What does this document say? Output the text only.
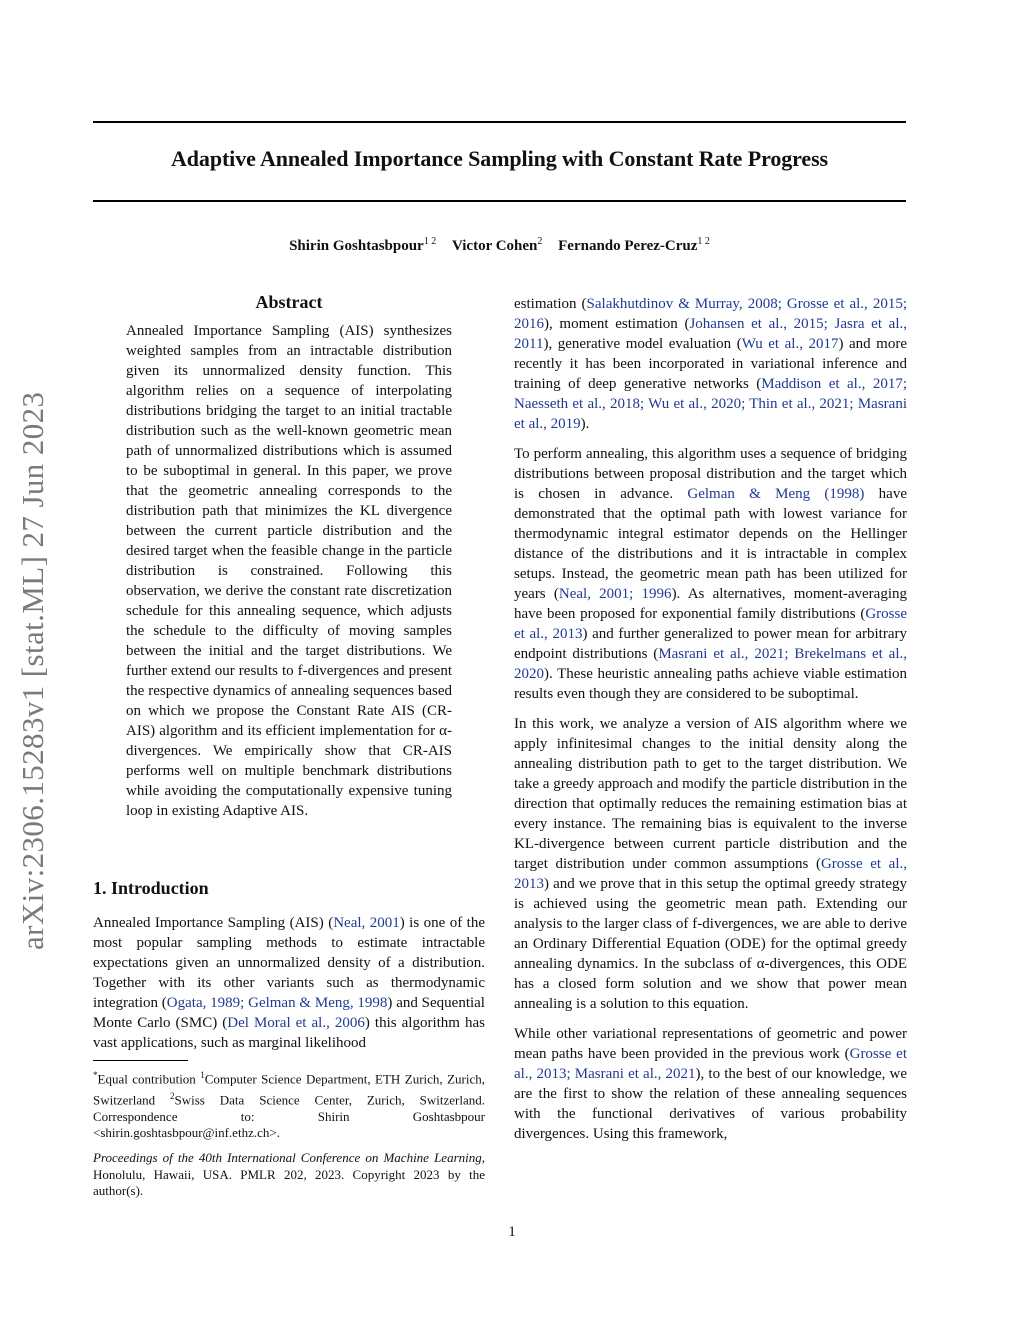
Adaptive Annealed Importance Sampling with Constant Rate Progress
Shirin Goshtasbpour$^{1 2}$ Victor Cohen$^2$ Fernando Perez-Cruz$^{1 2}$
arXiv:2306.15283v1 [stat.ML] 27 Jun 2023
Abstract
Annealed Importance Sampling (AIS) synthesizes weighted samples from an intractable distribution given its unnormalized density function. This algorithm relies on a sequence of interpolating distributions bridging the target to an initial tractable distribution such as the well-known geometric mean path of unnormalized distributions which is assumed to be suboptimal in general. In this paper, we prove that the geometric annealing corresponds to the distribution path that minimizes the KL divergence between the current particle distribution and the desired target when the feasible change in the particle distribution is constrained. Following this observation, we derive the constant rate discretization schedule for this annealing sequence, which adjusts the schedule to the difficulty of moving samples between the initial and the target distributions. We further extend our results to f-divergences and present the respective dynamics of annealing sequences based on which we propose the Constant Rate AIS (CR-AIS) algorithm and its efficient implementation for α-divergences. We empirically show that CR-AIS performs well on multiple benchmark distributions while avoiding the computationally expensive tuning loop in existing Adaptive AIS.
1. Introduction
Annealed Importance Sampling (AIS) (Neal, 2001) is one of the most popular sampling methods to estimate intractable expectations given an unnormalized density of a distribution. Together with its other variants such as thermodynamic integration (Ogata, 1989; Gelman & Meng, 1998) and Sequential Monte Carlo (SMC) (Del Moral et al., 2006) this algorithm has vast applications, such as marginal likelihood
*Equal contribution $^1$Computer Science Department, ETH Zurich, Zurich, Switzerland $^2$Swiss Data Science Center, Zurich, Switzerland. Correspondence to: Shirin Goshtasbpour <shirin.goshtasbpour@inf.ethz.ch>.
Proceedings of the 40th International Conference on Machine Learning, Honolulu, Hawaii, USA. PMLR 202, 2023. Copyright 2023 by the author(s).

estimation (Salakhutdinov & Murray, 2008; Grosse et al., 2015; 2016), moment estimation (Johansen et al., 2015; Jasra et al., 2011), generative model evaluation (Wu et al., 2017) and more recently it has been incorporated in variational inference and training of deep generative networks (Maddison et al., 2017; Naesseth et al., 2018; Wu et al., 2020; Thin et al., 2021; Masrani et al., 2019).

To perform annealing, this algorithm uses a sequence of bridging distributions between proposal distribution and the target which is chosen in advance. Gelman & Meng (1998) have demonstrated that the optimal path with lowest variance for thermodynamic integral estimator depends on the Hellinger distance of the distributions and it is intractable in complex setups. Instead, the geometric mean path has been utilized for years (Neal, 2001; 1996). As alternatives, moment-averaging have been proposed for exponential family distributions (Grosse et al., 2013) and further generalized to power mean for arbitrary endpoint distributions (Masrani et al., 2021; Brekelmans et al., 2020). These heuristic annealing paths achieve viable estimation results even though they are considered to be suboptimal.

In this work, we analyze a version of AIS algorithm where we apply infinitesimal changes to the initial density along the annealing distribution path to get to the target distribution. We take a greedy approach and modify the particle distribution in the direction that optimally reduces the remaining estimation bias at every instance. The remaining bias is equivalent to the inverse KL-divergence between current particle distribution and the target distribution under common assumptions (Grosse et al., 2013) and we prove that in this setup the optimal greedy strategy is achieved using the geometric mean path. Extending our analysis to the larger class of f-divergences, we are able to derive an Ordinary Differential Equation (ODE) for the optimal greedy annealing dynamics. In the subclass of α-divergences, this ODE has a closed form solution and we show that power mean annealing is a solution to this equation.

While other variational representations of geometric and power mean paths have been provided in the previous work (Grosse et al., 2013; Masrani et al., 2021), to the best of our knowledge, we are the first to show the relation of these annealing sequences with the functional derivatives of various probability divergences. Using this framework,

1
